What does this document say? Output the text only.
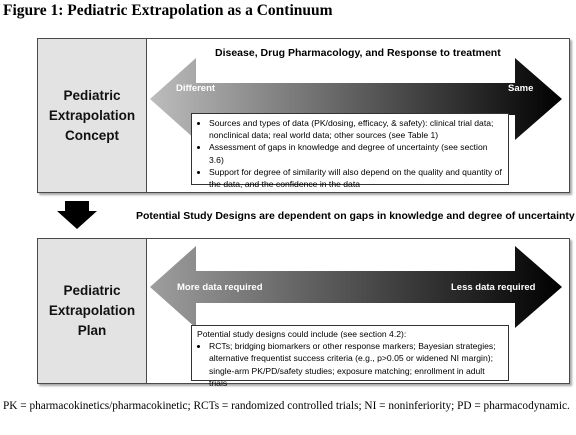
Figure 1: Pediatric Extrapolation as a Continuum
Pediatric
Extrapolation
Concept
Disease, Drug Pharmacology, and Response to treatment
Different	Same
• Sources and types of data (PK/dosing, efficacy, & safety): clinical trial data; nonclinical data; real world data; other sources (see Table 1)
• Assessment of gaps in knowledge and degree of uncertainty (see section 3.6)
• Support for degree of similarity will also depend on the quality and quantity of the data, and the confidence in the data
Potential Study Designs are dependent on gaps in knowledge and degree of uncertainty
Pediatric
Extrapolation
Plan
More data required	Less data required
Potential study designs could include (see section 4.2):
• RCTs; bridging biomarkers or other response markers; Bayesian strategies; alternative frequentist success criteria (e.g., p>0.05 or widened NI margin); single-arm PK/PD/safety studies; exposure matching; enrollment in adult trials
PK = pharmacokinetics/pharmacokinetic; RCTs = randomized controlled trials; NI = noninferiority; PD = pharmacodynamic.
